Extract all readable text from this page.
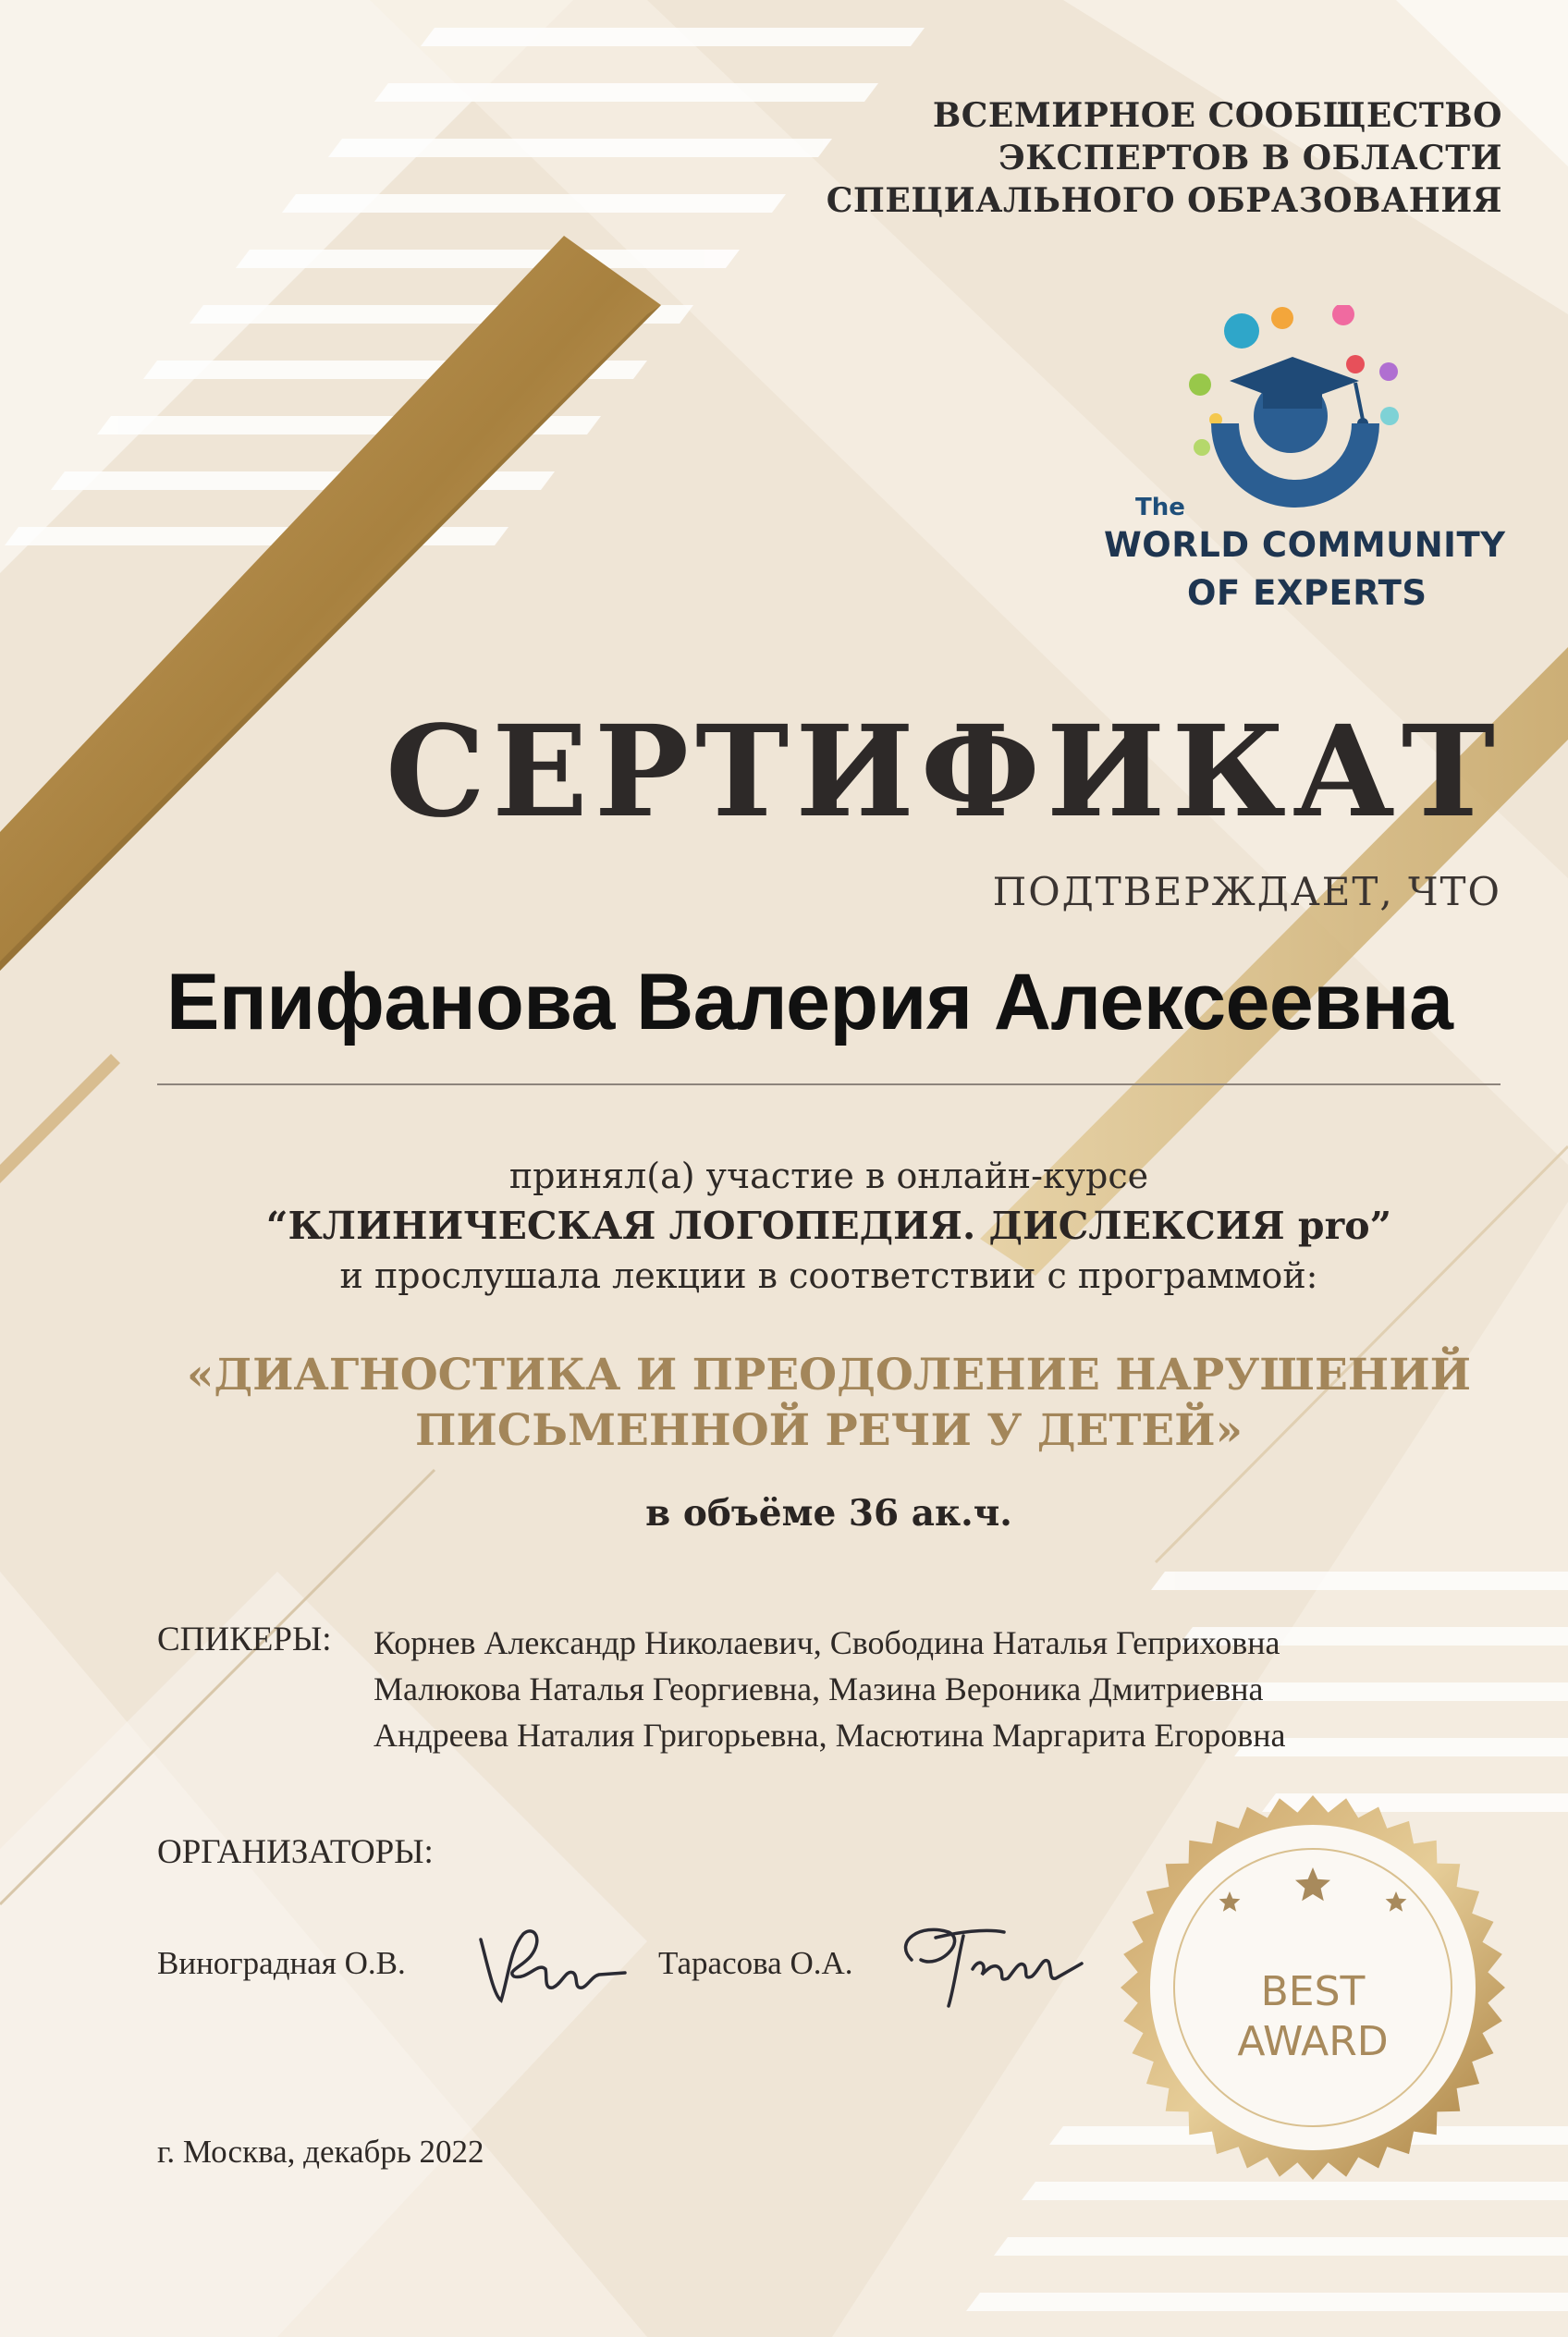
ВСЕМИРНОЕ СООБЩЕСТВО
ЭКСПЕРТОВ В ОБЛАСТИ
СПЕЦИАЛЬНОГО ОБРАЗОВАНИЯ
The
WORLD COMMUNITY
OF EXPERTS
СЕРТИФИКАТ
ПОДТВЕРЖДАЕТ, ЧТО
Епифанова Валерия Алексеевна
принял(а) участие в онлайн-курсе
“КЛИНИЧЕСКАЯ ЛОГОПЕДИЯ. ДИСЛЕКСИЯ pro”
и прослушала лекции в соответствии с программой:
«ДИАГНОСТИКА И ПРЕОДОЛЕНИЕ НАРУШЕНИЙ
ПИСЬМЕННОЙ РЕЧИ У ДЕТЕЙ»
в объёме 36 ак.ч.
СПИКЕРЫ: Корнев Александр Николаевич, Свободина Наталья Геприховна
Малюкова Наталья Георгиевна, Мазина Вероника Дмитриевна
Андреева Наталия Григорьевна, Масютина Маргарита Егоровна
ОРГАНИЗАТОРЫ:
Виноградная О.В.	Тарасова О.А.
г. Москва, декабрь 2022
BEST
AWARD
